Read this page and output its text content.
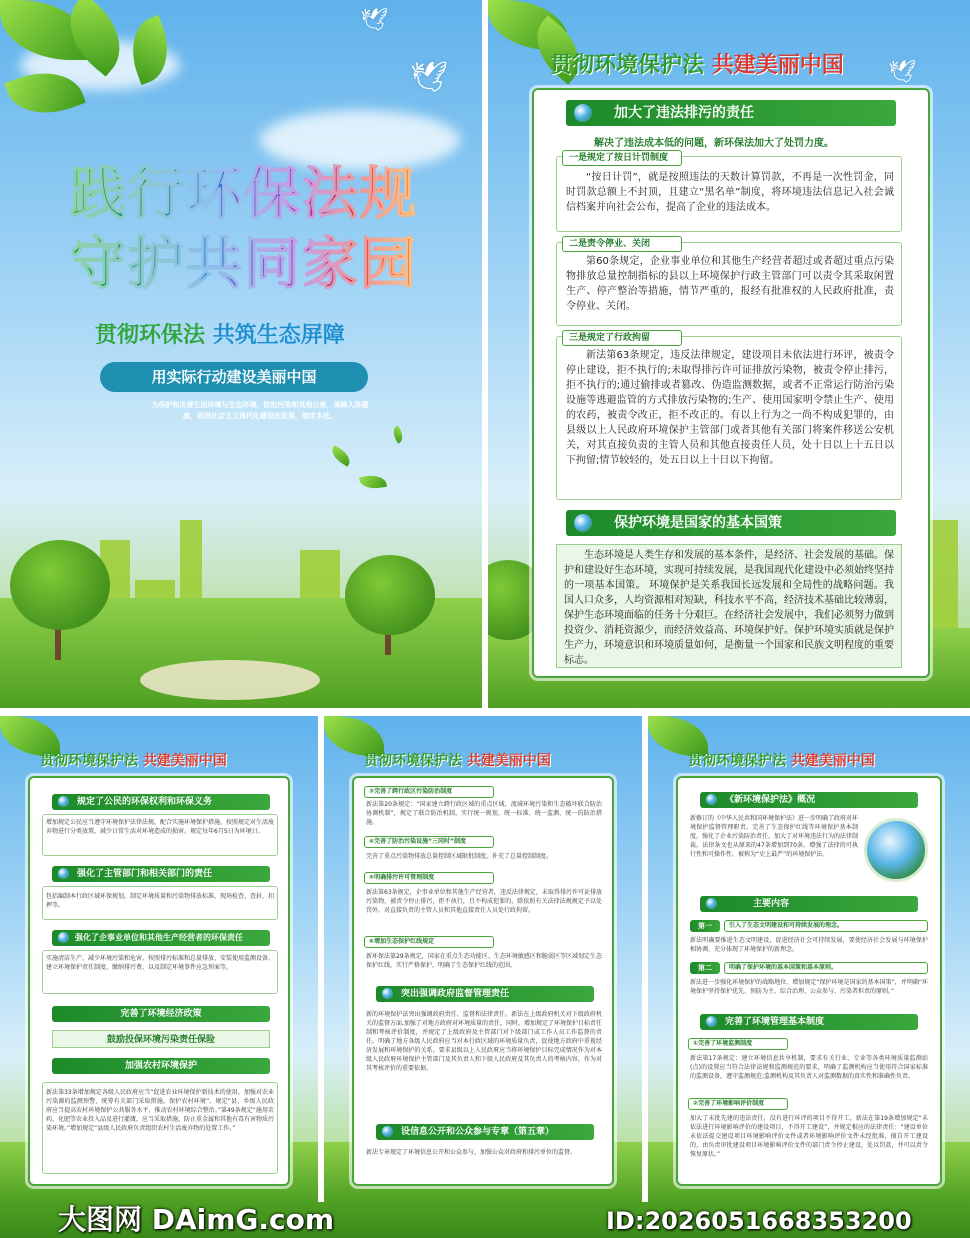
🕊
🕊
践行环保法规
守护共同家园
贯彻环保法 共筑生态屏障
用实际行动建设美丽中国
为保护和改善生活环境与生态环境，防治污染和其他公害，保障人体健康，促进社会主义现代化建设的发展，制定本法。
🕊
贯彻环境保护法 共建美丽中国
加大了违法排污的责任
解决了违法成本低的问题，新环保法加大了处罚力度。
一是规定了按日计罚制度
“按日计罚”，就是按照违法的天数计算罚款，不再是一次性罚金，同时罚款总额上不封顶，且建立“黑名单”制度，将环境违法信息记入社会诚信档案并向社会公布，提高了企业的违法成本。
二是责令停业、关闭
第60条规定，企业事业单位和其他生产经营者超过或者超过重点污染物排放总量控制指标的县以上环境保护行政主管部门可以责令其采取闲置生产、停产整治等措施，情节严重的，报经有批准权的人民政府批准，责令停业、关闭。
三是规定了行政拘留
新法第63条规定，违反法律规定，建设项目未依法进行环评，被责令停止建设，拒不执行的;未取得排污许可证排放污染物，被责令停止排污，拒不执行的;通过偷排或者篡改、伪造监测数据，或者不正常运行防治污染设施等逃避监管的方式排放污染物的;生产、使用国家明令禁止生产、使用的农药，被责令改正，拒不改正的。有以上行为之一尚不构成犯罪的，由县级以上人民政府环境保护主管部门或者其他有关部门将案件移送公安机关，对其直接负责的主管人员和其他直接责任人员，处十日以上十五日以下拘留;情节较轻的，处五日以上十日以下拘留。
保护环境是国家的基本国策
生态环境是人类生存和发展的基本条件，是经济、社会发展的基础。保护和建设好生态环境，实现可持续发展，是我国现代化建设中必须始终坚持的一项基本国策。 环境保护是关系我国长远发展和全局性的战略问题。我国人口众多，人均资源相对短缺，科技水平不高，经济技术基础比较薄弱，保护生态环境面临的任务十分艰巨。在经济社会发展中，我们必须努力做到投资少、消耗资源少，而经济效益高、环境保护好。保护环境实质就是保护生产力，环境意识和环境质量如何，是衡量一个国家和民族文明程度的重要标志。
贯彻环境保护法 共建美丽中国
规定了公民的环保权利和环保义务
增加规定公民应当遵守环境保护法律法规，配合实施环境保护措施，按照规定对生活废弃物进行分类放置，减少日常生活对环境造成的损害。规定每年6月5日为环境日。
强化了主管部门和相关部门的责任
包括编制本行政区域环保规划，制定环境质量和污染物排放标准，现场检查、查封、扣押等。
强化了企事业单位和其他生产经营者的环保责任
实施清洁生产、减少环境污染和危害。按照排污标准和总量排放、安装使用监测设备、建立环境保护责任制度、缴纳排污费、以及制定环境事件应急预案等。
完善了环境经济政策
鼓励投保环境污染责任保险
加强农村环境保护
新法第33条增加规定各级人民政府应当“促进农业环境保护新技术的使用，加强对农业污染源的监测预警，统筹有关部门采取措施，保护农村环境”。规定“县、乡级人民政府应当提高农村环境保护公共服务水平，推动农村环境综合整治。”第49条规定“施用农药、化肥等农业投入品及进行灌溉，应当采取措施，防止重金属和其他有毒有害物质污染环境。”增加规定“县级人民政府负责组织农村生活废弃物的处置工作。”
贯彻环境保护法 共建美丽中国
③完善了跨行政区污染防治制度
新法第20条规定：“国家建立跨行政区域的重点区域、流域环境污染和生态破坏联合防治协调机制”，规定了联合防治机制，实行统一规划、统一标准、统一监测、统一的防治措施。
④完善了防治污染设施“三同时”制度
完善了重点污染物排放总量控制区域限批制度，补充了总量控制制度。
⑤明确排污许可管理制度
新法第63条规定，企事业单位和其他生产经营者，违反法律规定，未取得排污许可证排放污染物，被责令停止排污，拒不执行，且不构成犯罪的，除依照有关法律法规规定予以处罚外，对直接负责的主管人员和其他直接责任人员处行政拘留。
⑥增加生态保护红线规定
新环保法第29条规定，国家在重点生态功能区、生态环境敏感区和脆弱区等区域划定生态保护红线，实行严格保护，明确了生态保护红线的范围。
突出强调政府监督管理责任
新的环境保护法突出强调政府责任、监督和法律责任。新法在上级政府机关对下级政府机关的监督方面,加强了对地方政府对环境质量的责任，同时，增加规定了环境保护目标责任制和考核评价制度，并规定了上级政府及主管部门对下级部门或工作人员工作监督的责任。明确了地方各级人民政府应当对本行政区域的环境质量负责，促使地方政府中重视经济发展和环境保护的关系。要求县级以上人民政府应当将环境保护目标完成情况作为对本级人民政府环境保护主管部门及其负责人和下级人民政府及其负责人的考核内容，作为对其考核评价的重要依据。
设信息公开和公众参与专章（第五章）
新法专章规定了环境信息公开和公众参与，加强公众对政府和排污单位的监督。
贯彻环境保护法 共建美丽中国
《新环境保护法》概况
新修订的《中华人民共和国环境保护法》进一步明确了政府对环境保护监督管理职责。完善了生态保护红线等环境保护基本制度，强化了企业污染防治责任，加大了对环境违法行为的法律制裁，法律条文也从原来的47条增加到70条，增强了法律的可执行性和可操作性。被称为“史上最严”的环境保护法。
主要内容
第一	引入了生态文明建设和可持续发展的理念。
新法明确要推进生态文明建设，促进经济社会可持续发展，要使经济社会发展与环境保护相协调，充分体现了环境保护的新理念。
第二	明确了保护环境的基本国策和基本原则。
新法进一步强化环境保护的战略地位，增加规定“保护环境是国家的基本国策”，并明确“环境保护坚持保护优先、预防为主、综合治理、公众参与、污染者担责的原则。”
完善了环境管理基本制度
①完善了环境监测制度
新法第17条规定：建立环境信息共享机制，要求有关行业、专业等各类环境质量监测站(点)的设置应当符合法律法规和监测规范的要求，明确了监测机构应当使用符合国家标准的监测设备，遵守监测规范;监测机构及其负责人对监测数据的真实性和准确性负责。
②完善了环境影响评价制度
加大了未批先建的违法责任，没有进行环评的项目不得开工。新法在第19条增加规定“未依法进行环境影响评价的建设项目，不得开工建设”，并规定相应的法律责任：“建设单位未依法提交建设项目环境影响评价文件或者环境影响评价文件未经批准，擅自开工建设的，由负责审批建设项目环境影响评价文件的部门责令停止建设，处以罚款，并可以责令恢复原状。”
大图网 DAimG.com	ID:202605166835320​0
